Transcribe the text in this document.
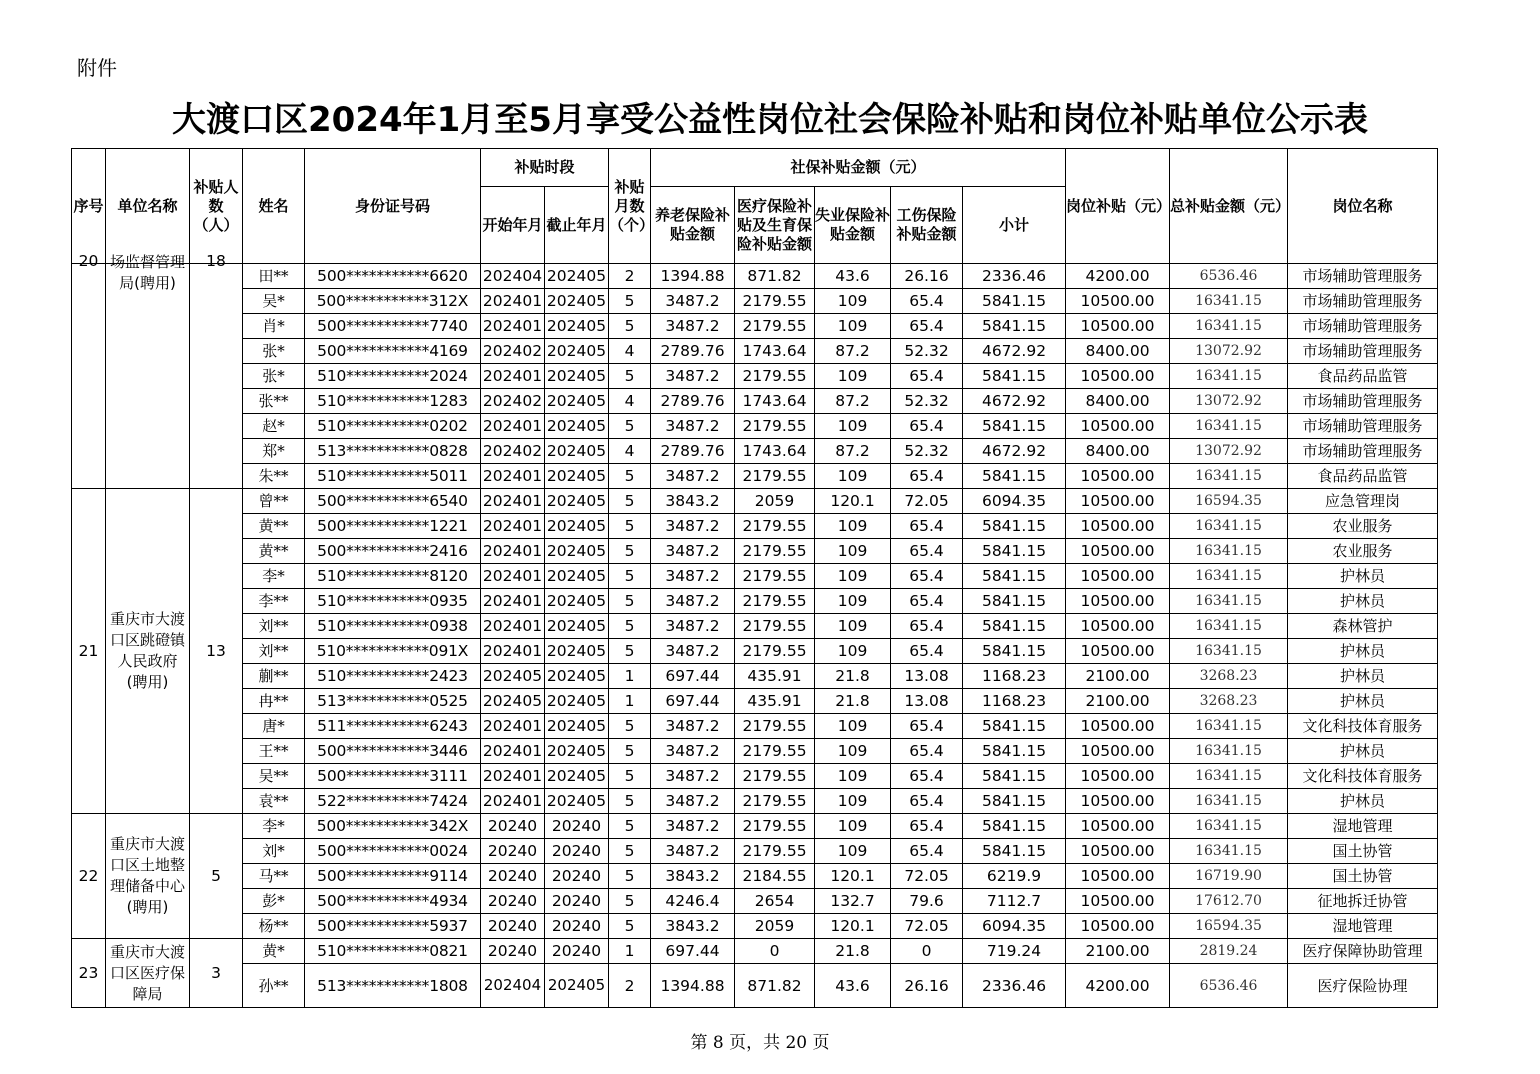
附件
大渡口区2024年1月至5月享受公益性岗位社会保险补贴和岗位补贴单位公示表
序号	单位名称	补贴人数（人）	姓名	身份证号码	补贴时段		补贴月数（个）	社保补贴金额（元）					岗位补贴（元）	总补贴金额（元）	岗位名称
					开始年月	截止年月		养老保险补贴金额	医疗保险补贴及生育保险补贴金额	失业保险补贴金额	工伤保险补贴金额	小计			

20	场监督管理局(聘用)	18	田**	500***********6620	202404	202405	2	1394.88	871.82	43.6	26.16	2336.46	4200.00	6536.46	市场辅助管理服务
			吴*	500***********312X	202401	202405	5	3487.2	2179.55	109	65.4	5841.15	10500.00	16341.15	市场辅助管理服务
			肖*	500***********7740	202401	202405	5	3487.2	2179.55	109	65.4	5841.15	10500.00	16341.15	市场辅助管理服务
			张*	500***********4169	202402	202405	4	2789.76	1743.64	87.2	52.32	4672.92	8400.00	13072.92	市场辅助管理服务
			张*	510***********2024	202401	202405	5	3487.2	2179.55	109	65.4	5841.15	10500.00	16341.15	食品药品监管
			张**	510***********1283	202402	202405	4	2789.76	1743.64	87.2	52.32	4672.92	8400.00	13072.92	市场辅助管理服务
			赵*	510***********0202	202401	202405	5	3487.2	2179.55	109	65.4	5841.15	10500.00	16341.15	市场辅助管理服务
			郑*	513***********0828	202402	202405	4	2789.76	1743.64	87.2	52.32	4672.92	8400.00	13072.92	市场辅助管理服务
			朱**	510***********5011	202401	202405	5	3487.2	2179.55	109	65.4	5841.15	10500.00	16341.15	食品药品监管
21	重庆市大渡口区跳磴镇人民政府(聘用)	13	曾**	500***********6540	202401	202405	5	3843.2	2059	120.1	72.05	6094.35	10500.00	16594.35	应急管理岗
			黄**	500***********1221	202401	202405	5	3487.2	2179.55	109	65.4	5841.15	10500.00	16341.15	农业服务
			黄**	500***********2416	202401	202405	5	3487.2	2179.55	109	65.4	5841.15	10500.00	16341.15	农业服务
			李*	510***********8120	202401	202405	5	3487.2	2179.55	109	65.4	5841.15	10500.00	16341.15	护林员
			李**	510***********0935	202401	202405	5	3487.2	2179.55	109	65.4	5841.15	10500.00	16341.15	护林员
			刘**	510***********0938	202401	202405	5	3487.2	2179.55	109	65.4	5841.15	10500.00	16341.15	森林管护
			刘**	510***********091X	202401	202405	5	3487.2	2179.55	109	65.4	5841.15	10500.00	16341.15	护林员
			蒯**	510***********2423	202405	202405	1	697.44	435.91	21.8	13.08	1168.23	2100.00	3268.23	护林员
			冉**	513***********0525	202405	202405	1	697.44	435.91	21.8	13.08	1168.23	2100.00	3268.23	护林员
			唐*	511***********6243	202401	202405	5	3487.2	2179.55	109	65.4	5841.15	10500.00	16341.15	文化科技体育服务
			王**	500***********3446	202401	202405	5	3487.2	2179.55	109	65.4	5841.15	10500.00	16341.15	护林员
			吴**	500***********3111	202401	202405	5	3487.2	2179.55	109	65.4	5841.15	10500.00	16341.15	文化科技体育服务
			袁**	522***********7424	202401	202405	5	3487.2	2179.55	109	65.4	5841.15	10500.00	16341.15	护林员
22	重庆市大渡口区土地整理储备中心(聘用)	5	李*	500***********342X	20240	20240	5	3487.2	2179.55	109	65.4	5841.15	10500.00	16341.15	湿地管理
			刘*	500***********0024	20240	20240	5	3487.2	2179.55	109	65.4	5841.15	10500.00	16341.15	国土协管
			马**	500***********9114	20240	20240	5	3843.2	2184.55	120.1	72.05	6219.9	10500.00	16719.90	国土协管
			彭*	500***********4934	20240	20240	5	4246.4	2654	132.7	79.6	7112.7	10500.00	17612.70	征地拆迁协管
			杨**	500***********5937	20240	20240	5	3843.2	2059	120.1	72.05	6094.35	10500.00	16594.35	湿地管理
23	重庆市大渡口区医疗保障局	3	黄*	510***********0821	20240	20240	1	697.44	0	21.8	0	719.24	2100.00	2819.24	医疗保障协助管理
			孙**	513***********1808	202404	202405	2	1394.88	871.82	43.6	26.16	2336.46	4200.00	6536.46	医疗保险协理
第 8 页，共 20 页
